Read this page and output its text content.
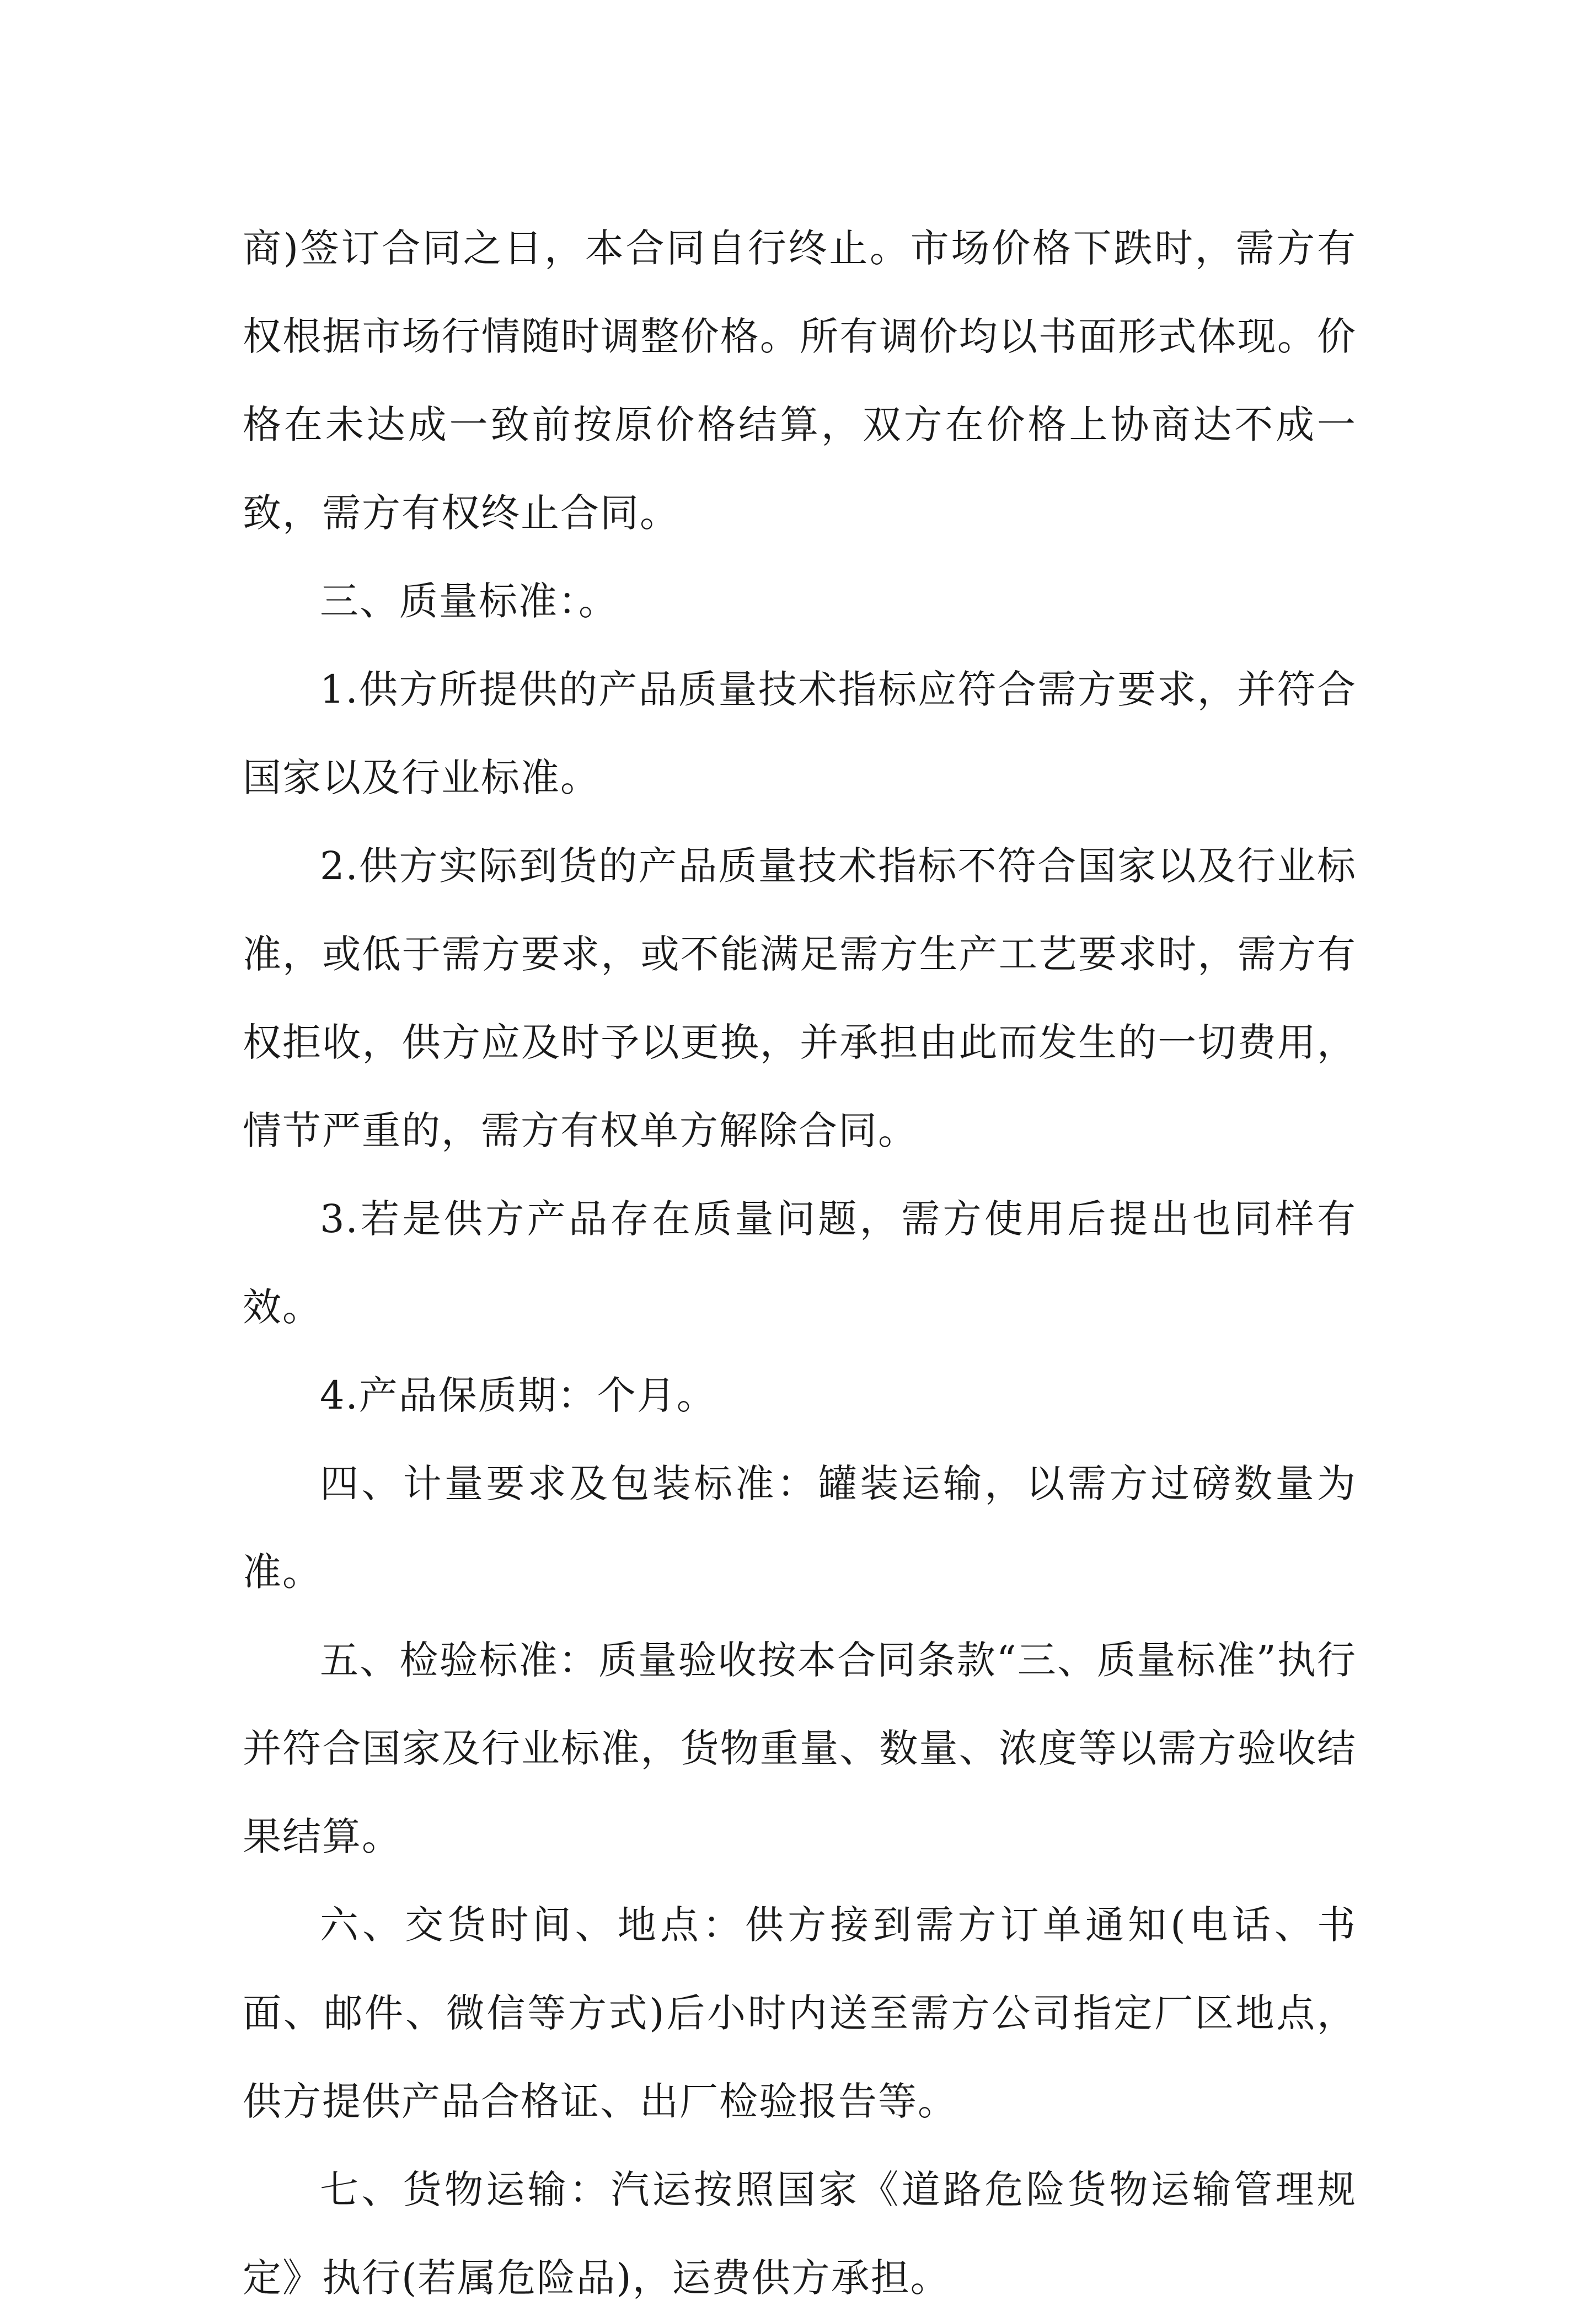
商)签订合同之日，本合同自行终止。市场价格下跌时，需方有权根据市场行情随时调整价格。所有调价均以书面形式体现。价格在未达成一致前按原价格结算，双方在价格上协商达不成一致，需方有权终止合同。

三、质量标准：。

1.供方所提供的产品质量技术指标应符合需方要求，并符合国家以及行业标准。

2.供方实际到货的产品质量技术指标不符合国家以及行业标准，或低于需方要求，或不能满足需方生产工艺要求时，需方有权拒收，供方应及时予以更换，并承担由此而发生的一切费用，情节严重的，需方有权单方解除合同。

3.若是供方产品存在质量问题，需方使用后提出也同样有效。

4.产品保质期：个月。

四、计量要求及包装标准：罐装运输，以需方过磅数量为准。

五、检验标准：质量验收按本合同条款“三、质量标准”执行并符合国家及行业标准，货物重量、数量、浓度等以需方验收结果结算。

六、交货时间、地点：供方接到需方订单通知(电话、书面、邮件、微信等方式)后小时内送至需方公司指定厂区地点，供方提供产品合格证、出厂检验报告等。

七、货物运输：汽运按照国家《道路危险货物运输管理规定》执行(若属危险品)，运费供方承担。
